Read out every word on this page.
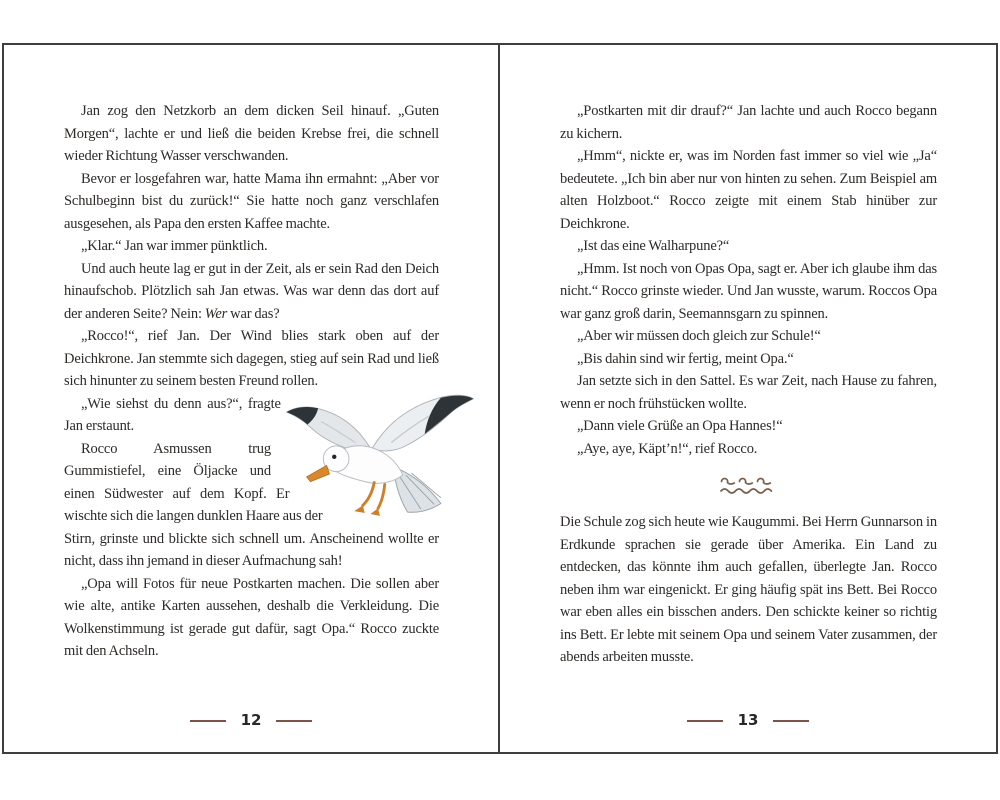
Jan zog den Netzkorb an dem dicken Seil hinauf. „Guten Morgen“, lachte er und ließ die beiden Krebse frei, die schnell wieder Richtung Wasser verschwanden.

Bevor er losgefahren war, hatte Mama ihn ermahnt: „Aber vor Schulbeginn bist du zurück!“ Sie hatte noch ganz verschlafen ausgesehen, als Papa den ersten Kaffee machte.

„Klar.“ Jan war immer pünktlich.

Und auch heute lag er gut in der Zeit, als er sein Rad den Deich hinaufschob. Plötzlich sah Jan etwas. Was war denn das dort auf der anderen Seite? Nein: Wer war das?

„Rocco!“, rief Jan. Der Wind blies stark oben auf der Deichkrone. Jan stemmte sich dagegen, stieg auf sein Rad und ließ sich hinunter zu seinem besten Freund rollen.

„Wie siehst du denn aus?“, fragte Jan erstaunt.

Rocco Asmussen trug Gummistiefel, eine Öljacke und einen Südwester auf dem Kopf. Er wischte sich die langen dunklen Haare aus der Stirn, grinste und blickte sich schnell um. Anscheinend wollte er nicht, dass ihn jemand in dieser Aufmachung sah!

„Opa will Fotos für neue Postkarten machen. Die sollen aber wie alte, antike Karten aussehen, deshalb die Verkleidung. Die Wolkenstimmung ist gerade gut dafür, sagt Opa.“ Rocco zuckte mit den Achseln.

12

„Postkarten mit dir drauf?“ Jan lachte und auch Rocco begann zu kichern.

„Hmm“, nickte er, was im Norden fast immer so viel wie „Ja“ bedeutete. „Ich bin aber nur von hinten zu sehen. Zum Beispiel am alten Holzboot.“ Rocco zeigte mit einem Stab hinüber zur Deichkrone.

„Ist das eine Walharpune?“

„Hmm. Ist noch von Opas Opa, sagt er. Aber ich glaube ihm das nicht.“ Rocco grinste wieder. Und Jan wusste, warum. Roccos Opa war ganz groß darin, Seemannsgarn zu spinnen.

„Aber wir müssen doch gleich zur Schule!“

„Bis dahin sind wir fertig, meint Opa.“

Jan setzte sich in den Sattel. Es war Zeit, nach Hause zu fahren, wenn er noch frühstücken wollte.

„Dann viele Grüße an Opa Hannes!“

„Aye, aye, Käpt’n!“, rief Rocco.

Die Schule zog sich heute wie Kaugummi. Bei Herrn Gunnarson in Erdkunde sprachen sie gerade über Amerika. Ein Land zu entdecken, das könnte ihm auch gefallen, überlegte Jan. Rocco neben ihm war eingenickt. Er ging häufig spät ins Bett. Bei Rocco war eben alles ein bisschen anders. Den schickte keiner so richtig ins Bett. Er lebte mit seinem Opa und seinem Vater zusammen, der abends arbeiten musste.

13
